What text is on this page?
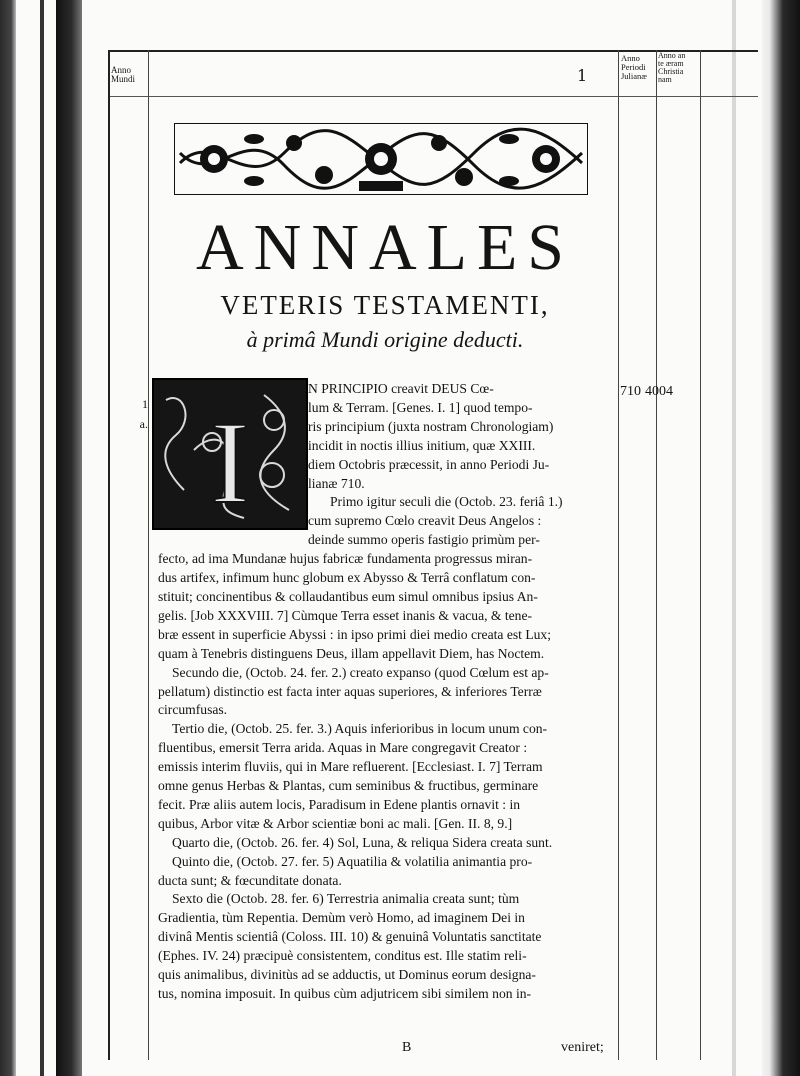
Anno
Mundi
Anno
Periodi
Julianæ
Anno an
te æram
Christia
nam
1
ANNALES
VETERIS TESTAMENTI,
à primâ Mundi origine deducti.
1
a.
710 4004
I
N PRINCIPIO creavit DEUS Cœ-
lum & Terram. [Genes. I. 1] quod tempo-
ris principium (juxta nostram Chronologiam)
incidit in noctis illius initium, quæ XXIII.
diem Octobris præcessit, in anno Periodi Ju-
lianæ 710.
Primo igitur seculi die (Octob. 23. feriâ 1.)
cum supremo Cœlo creavit Deus Angelos :
deinde summo operis fastigio primùm per-
fecto, ad ima Mundanæ hujus fabricæ fundamenta progressus miran-
dus artifex, infimum hunc globum ex Abysso & Terrâ conflatum con-
stituit; concinentibus & collaudantibus eum simul omnibus ipsius An-
gelis. [Job XXXVIII. 7] Cùmque Terra esset inanis & vacua, & tene-
bræ essent in superficie Abyssi : in ipso primi diei medio creata est Lux;
quam à Tenebris distinguens Deus, illam appellavit Diem, has Noctem.
Secundo die, (Octob. 24. fer. 2.) creato expanso (quod Cœlum est ap-
pellatum) distinctio est facta inter aquas superiores, & inferiores Terræ
circumfusas.
Tertio die, (Octob. 25. fer. 3.) Aquis inferioribus in locum unum con-
fluentibus, emersit Terra arida. Aquas in Mare congregavit Creator :
emissis interim fluviis, qui in Mare refluerent. [Ecclesiast. I. 7] Terram
omne genus Herbas & Plantas, cum seminibus & fructibus, germinare
fecit. Præ aliis autem locis, Paradisum in Edene plantis ornavit : in
quibus, Arbor vitæ & Arbor scientiæ boni ac mali. [Gen. II. 8, 9.]
Quarto die, (Octob. 26. fer. 4) Sol, Luna, & reliqua Sidera creata sunt.
Quinto die, (Octob. 27. fer. 5) Aquatilia & volatilia animantia pro-
ducta sunt; & fœcunditate donata.
Sexto die (Octob. 28. fer. 6) Terrestria animalia creata sunt; tùm
Gradientia, tùm Repentia. Demùm verò Homo, ad imaginem Dei in
divinâ Mentis scientiâ (Coloss. III. 10) & genuinâ Voluntatis sanctitate
(Ephes. IV. 24) præcipuè consistentem, conditus est. Ille statim reli-
quis animalibus, divinitùs ad se adductis, ut Dominus eorum designa-
tus, nomina imposuit. In quibus cùm adjutricem sibi similem non in-
B	veniret;
